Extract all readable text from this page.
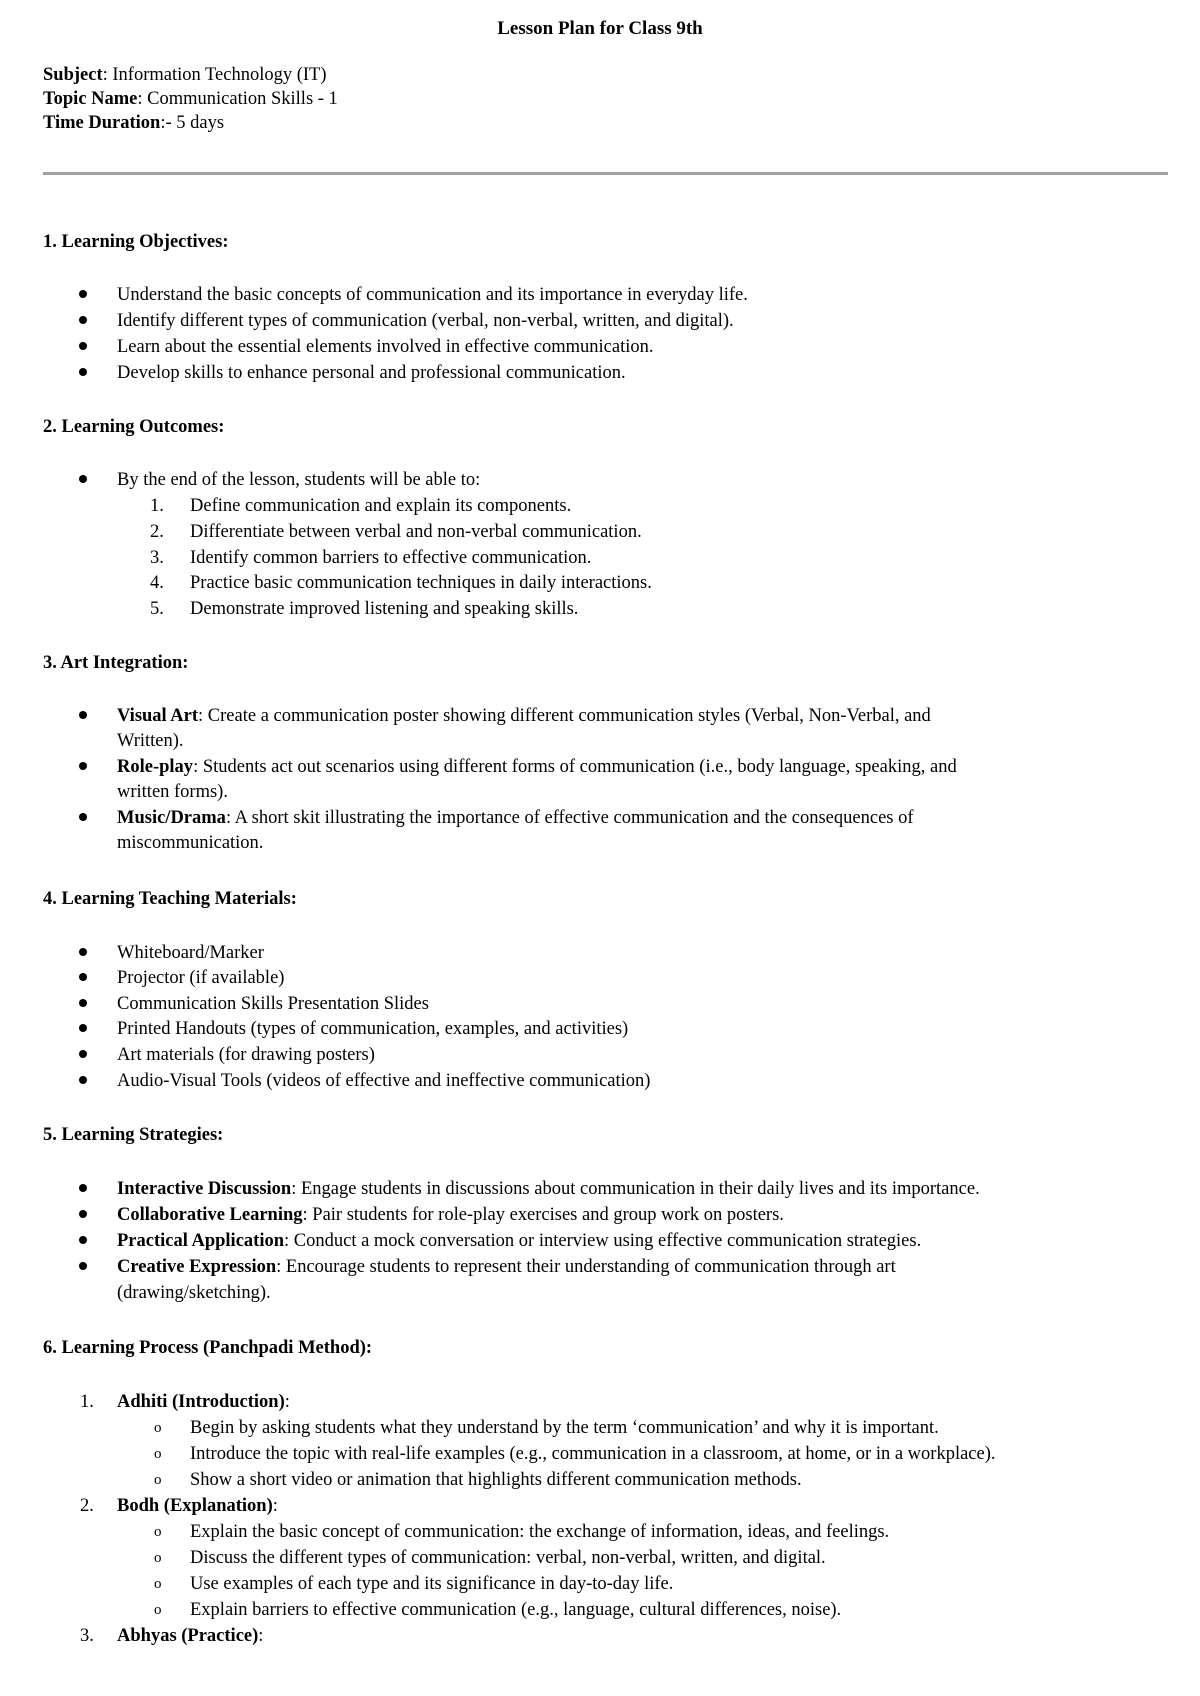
Lesson Plan for Class 9th
Subject: Information Technology (IT)
Topic Name: Communication Skills - 1
Time Duration:- 5 days
1. Learning Objectives:
Understand the basic concepts of communication and its importance in everyday life.
Identify different types of communication (verbal, non-verbal, written, and digital).
Learn about the essential elements involved in effective communication.
Develop skills to enhance personal and professional communication.
2. Learning Outcomes:
By the end of the lesson, students will be able to:
1. Define communication and explain its components.
2. Differentiate between verbal and non-verbal communication.
3. Identify common barriers to effective communication.
4. Practice basic communication techniques in daily interactions.
5. Demonstrate improved listening and speaking skills.
3. Art Integration:
Visual Art: Create a communication poster showing different communication styles (Verbal, Non-Verbal, and
Written).
Role-play: Students act out scenarios using different forms of communication (i.e., body language, speaking, and
written forms).
Music/Drama: A short skit illustrating the importance of effective communication and the consequences of
miscommunication.
4. Learning Teaching Materials:
Whiteboard/Marker
Projector (if available)
Communication Skills Presentation Slides
Printed Handouts (types of communication, examples, and activities)
Art materials (for drawing posters)
Audio-Visual Tools (videos of effective and ineffective communication)
5. Learning Strategies:
Interactive Discussion: Engage students in discussions about communication in their daily lives and its importance.
Collaborative Learning: Pair students for role-play exercises and group work on posters.
Practical Application: Conduct a mock conversation or interview using effective communication strategies.
Creative Expression: Encourage students to represent their understanding of communication through art
(drawing/sketching).
6. Learning Process (Panchpadi Method):
1. Adhiti (Introduction):
o Begin by asking students what they understand by the term ‘communication’ and why it is important.
o Introduce the topic with real-life examples (e.g., communication in a classroom, at home, or in a workplace).
o Show a short video or animation that highlights different communication methods.
2. Bodh (Explanation):
o Explain the basic concept of communication: the exchange of information, ideas, and feelings.
o Discuss the different types of communication: verbal, non-verbal, written, and digital.
o Use examples of each type and its significance in day-to-day life.
o Explain barriers to effective communication (e.g., language, cultural differences, noise).
3. Abhyas (Practice):
